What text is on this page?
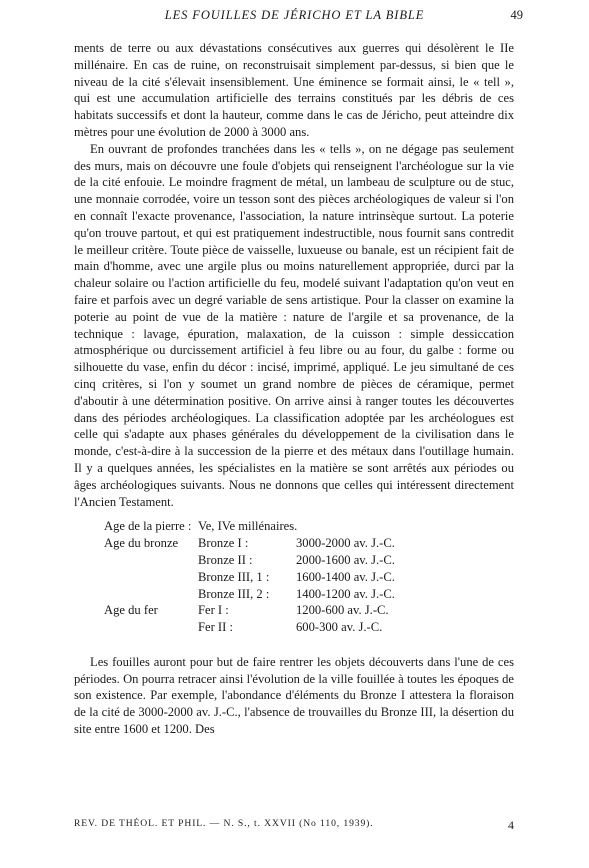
LES FOUILLES DE JÉRICHO ET LA BIBLE	49

ments de terre ou aux dévastations consécutives aux guerres qui désolèrent le IIe millénaire. En cas de ruine, on reconstruisait simplement par-dessus, si bien que le niveau de la cité s'élevait insensiblement. Une éminence se formait ainsi, le « tell », qui est une accumulation artificielle des terrains constitués par les débris de ces habitats successifs et dont la hauteur, comme dans le cas de Jéricho, peut atteindre dix mètres pour une évolution de 2000 à 3000 ans.

En ouvrant de profondes tranchées dans les « tells », on ne dégage pas seulement des murs, mais on découvre une foule d'objets qui renseignent l'archéologue sur la vie de la cité enfouie. Le moindre fragment de métal, un lambeau de sculpture ou de stuc, une monnaie corrodée, voire un tesson sont des pièces archéologiques de valeur si l'on en connaît l'exacte provenance, l'association, la nature intrinsèque surtout. La poterie qu'on trouve partout, et qui est pratiquement indestructible, nous fournit sans contredit le meilleur critère. Toute pièce de vaisselle, luxueuse ou banale, est un récipient fait de main d'homme, avec une argile plus ou moins naturellement appropriée, durci par la chaleur solaire ou l'action artificielle du feu, modelé suivant l'adaptation qu'on veut en faire et parfois avec un degré variable de sens artistique. Pour la classer on examine la poterie au point de vue de la matière : nature de l'argile et sa provenance, de la technique : lavage, épuration, malaxation, de la cuisson : simple dessiccation atmosphérique ou durcissement artificiel à feu libre ou au four, du galbe : forme ou silhouette du vase, enfin du décor : incisé, imprimé, appliqué. Le jeu simultané de ces cinq critères, si l'on y soumet un grand nombre de pièces de céramique, permet d'aboutir à une détermination positive. On arrive ainsi à ranger toutes les découvertes dans des périodes archéologiques. La classification adoptée par les archéologues est celle qui s'adapte aux phases générales du développement de la civilisation dans le monde, c'est-à-dire à la succession de la pierre et des métaux dans l'outillage humain. Il y a quelques années, les spécialistes en la matière se sont arrêtés aux périodes ou âges archéologiques suivants. Nous ne donnons que celles qui intéressent directement l'Ancien Testament.

Age de la pierre :	Ve, IVe millénaires.	
Age du bronze	Bronze I :	3000-2000 av. J.-C.
	Bronze II :	2000-1600 av. J.-C.
	Bronze III, 1 :	1600-1400 av. J.-C.
	Bronze III, 2 :	1400-1200 av. J.-C.
Age du fer	Fer I :	1200-600 av. J.-C.
	Fer II :	600-300 av. J.-C.

Les fouilles auront pour but de faire rentrer les objets découverts dans l'une de ces périodes. On pourra retracer ainsi l'évolution de la ville fouillée à toutes les époques de son existence. Par exemple, l'abondance d'éléments du Bronze I attestera la floraison de la cité de 3000-2000 av. J.-C., l'absence de trouvailles du Bronze III, la désertion du site entre 1600 et 1200. Des

REV. DE THÉOL. ET PHIL. — N. S., t. XXVII (No 110, 1939).	4
